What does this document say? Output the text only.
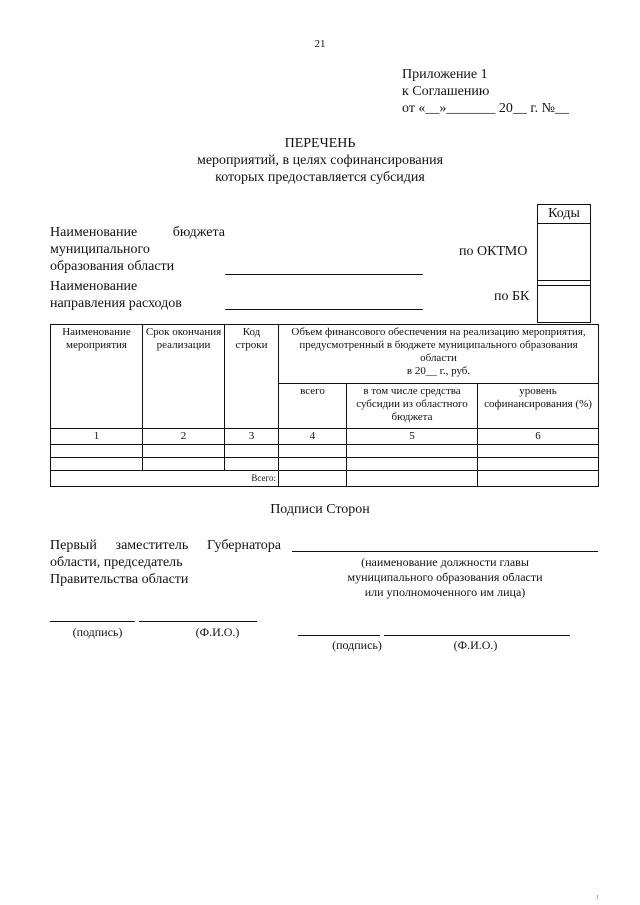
21
Приложение 1
к Соглашению
от «__»_______ 20__ г. №__
ПЕРЕЧЕНЬ
мероприятий, в целях софинансирования
которых предоставляется субсидия
Наименование	бюджета
муниципального
образования области
Наименование
направления расходов
по ОКТМО
по БК
Коды
Наименование мероприятия	Срок окончания реализации	Код строки	Объем финансового обеспечения на реализацию мероприятия, предусмотренный в бюджете муниципального образования области
в 20__ г., руб.		

			всего	в том числе средства субсидии из областного бюджета	уровень софинансирования (%)
1	2	3	4	5	6

Всего:					
Подписи Сторон
Первый заместитель Губернатора
области, председатель
Правительства области
(наименование должности главы
муниципального образования области
или уполномоченного им лица)
(подпись)	(Ф.И.О.)
(подпись)	(Ф.И.О.)
J
